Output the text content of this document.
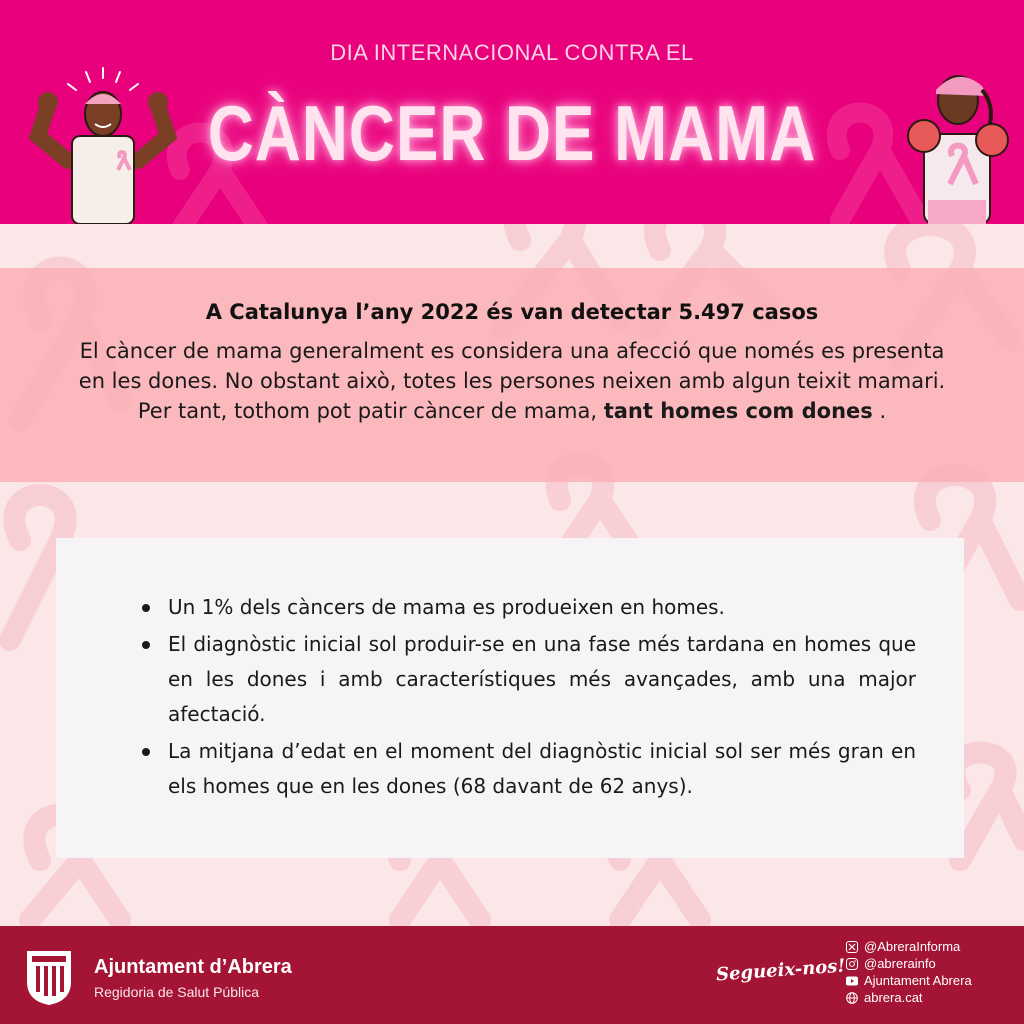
DIA INTERNACIONAL CONTRA EL
CÀNCER DE MAMA
A Catalunya l’any 2022 és van detectar 5.497 casos
El càncer de mama generalment es considera una afecció que només es presenta
en les dones. No obstant això, totes les persones neixen amb algun teixit mamari.
Per tant, tothom pot patir càncer de mama, tant homes com dones .
Un 1% dels càncers de mama es produeixen en homes.
El diagnòstic inicial sol produir-se en una fase més tardana en homes que en les dones i amb característiques més avançades, amb una major afectació.
La mitjana d’edat en el moment del diagnòstic inicial sol ser més gran en els homes que en les dones (68 davant de 62 anys).
Ajuntament d’Abrera
Regidoria de Salut Pública
Segueix-nos!
@AbreraInforma
@abrerainfo
Ajuntament Abrera
abrera.cat
